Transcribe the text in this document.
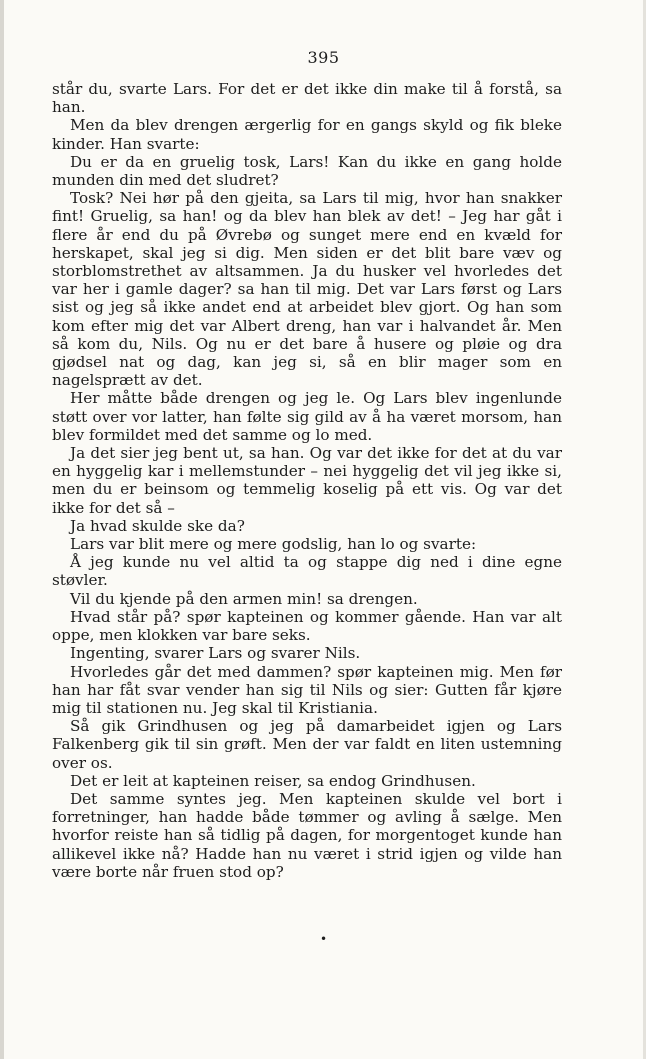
395

står du, svarte Lars. For det er det ikke din make til å forstå, sa han.

Men da blev drengen ærgerlig for en gangs skyld og fik bleke kinder. Han svarte:

Du er da en gruelig tosk, Lars! Kan du ikke en gang holde munden din med det sludret?

Tosk? Nei hør på den gjeita, sa Lars til mig, hvor han snakker fint! Gruelig, sa han! og da blev han blek av det! – Jeg har gåt i flere år end du på Øvrebø og sunget mere end en kvæld for herskapet, skal jeg si dig. Men siden er det blit bare væv og storblomstrethet av altsammen. Ja du husker vel hvorledes det var her i gamle dager? sa han til mig. Det var Lars først og Lars sist og jeg så ikke andet end at arbeidet blev gjort. Og han som kom efter mig det var Albert dreng, han var i halvandet år. Men så kom du, Nils. Og nu er det bare å husere og pløie og dra gjødsel nat og dag, kan jeg si, så en blir mager som en nagelsprætt av det.

Her måtte både drengen og jeg le. Og Lars blev ingenlunde støtt over vor latter, han følte sig gild av å ha været morsom, han blev formildet med det samme og lo med.

Ja det sier jeg bent ut, sa han. Og var det ikke for det at du var en hyggelig kar i mellemstunder – nei hyggelig det vil jeg ikke si, men du er beinsom og temmelig koselig på ett vis. Og var det ikke for det så –

Ja hvad skulde ske da?

Lars var blit mere og mere godslig, han lo og svarte:

Å jeg kunde nu vel altid ta og stappe dig ned i dine egne støvler.

Vil du kjende på den armen min! sa drengen.

Hvad står på? spør kapteinen og kommer gående. Han var alt oppe, men klokken var bare seks.

Ingenting, svarer Lars og svarer Nils.

Hvorledes går det med dammen? spør kapteinen mig. Men før han har fåt svar vender han sig til Nils og sier: Gutten får kjøre mig til stationen nu. Jeg skal til Kristiania.

Så gik Grindhusen og jeg på damarbeidet igjen og Lars Falkenberg gik til sin grøft. Men der var faldt en liten ustemning over os.

Det er leit at kapteinen reiser, sa endog Grindhusen.

Det samme syntes jeg. Men kapteinen skulde vel bort i forretninger, han hadde både tømmer og avling å sælge. Men hvorfor reiste han så tidlig på dagen, for morgentoget kunde han allikevel ikke nå? Hadde han nu været i strid igjen og vilde han være borte når fruen stod op?

•
